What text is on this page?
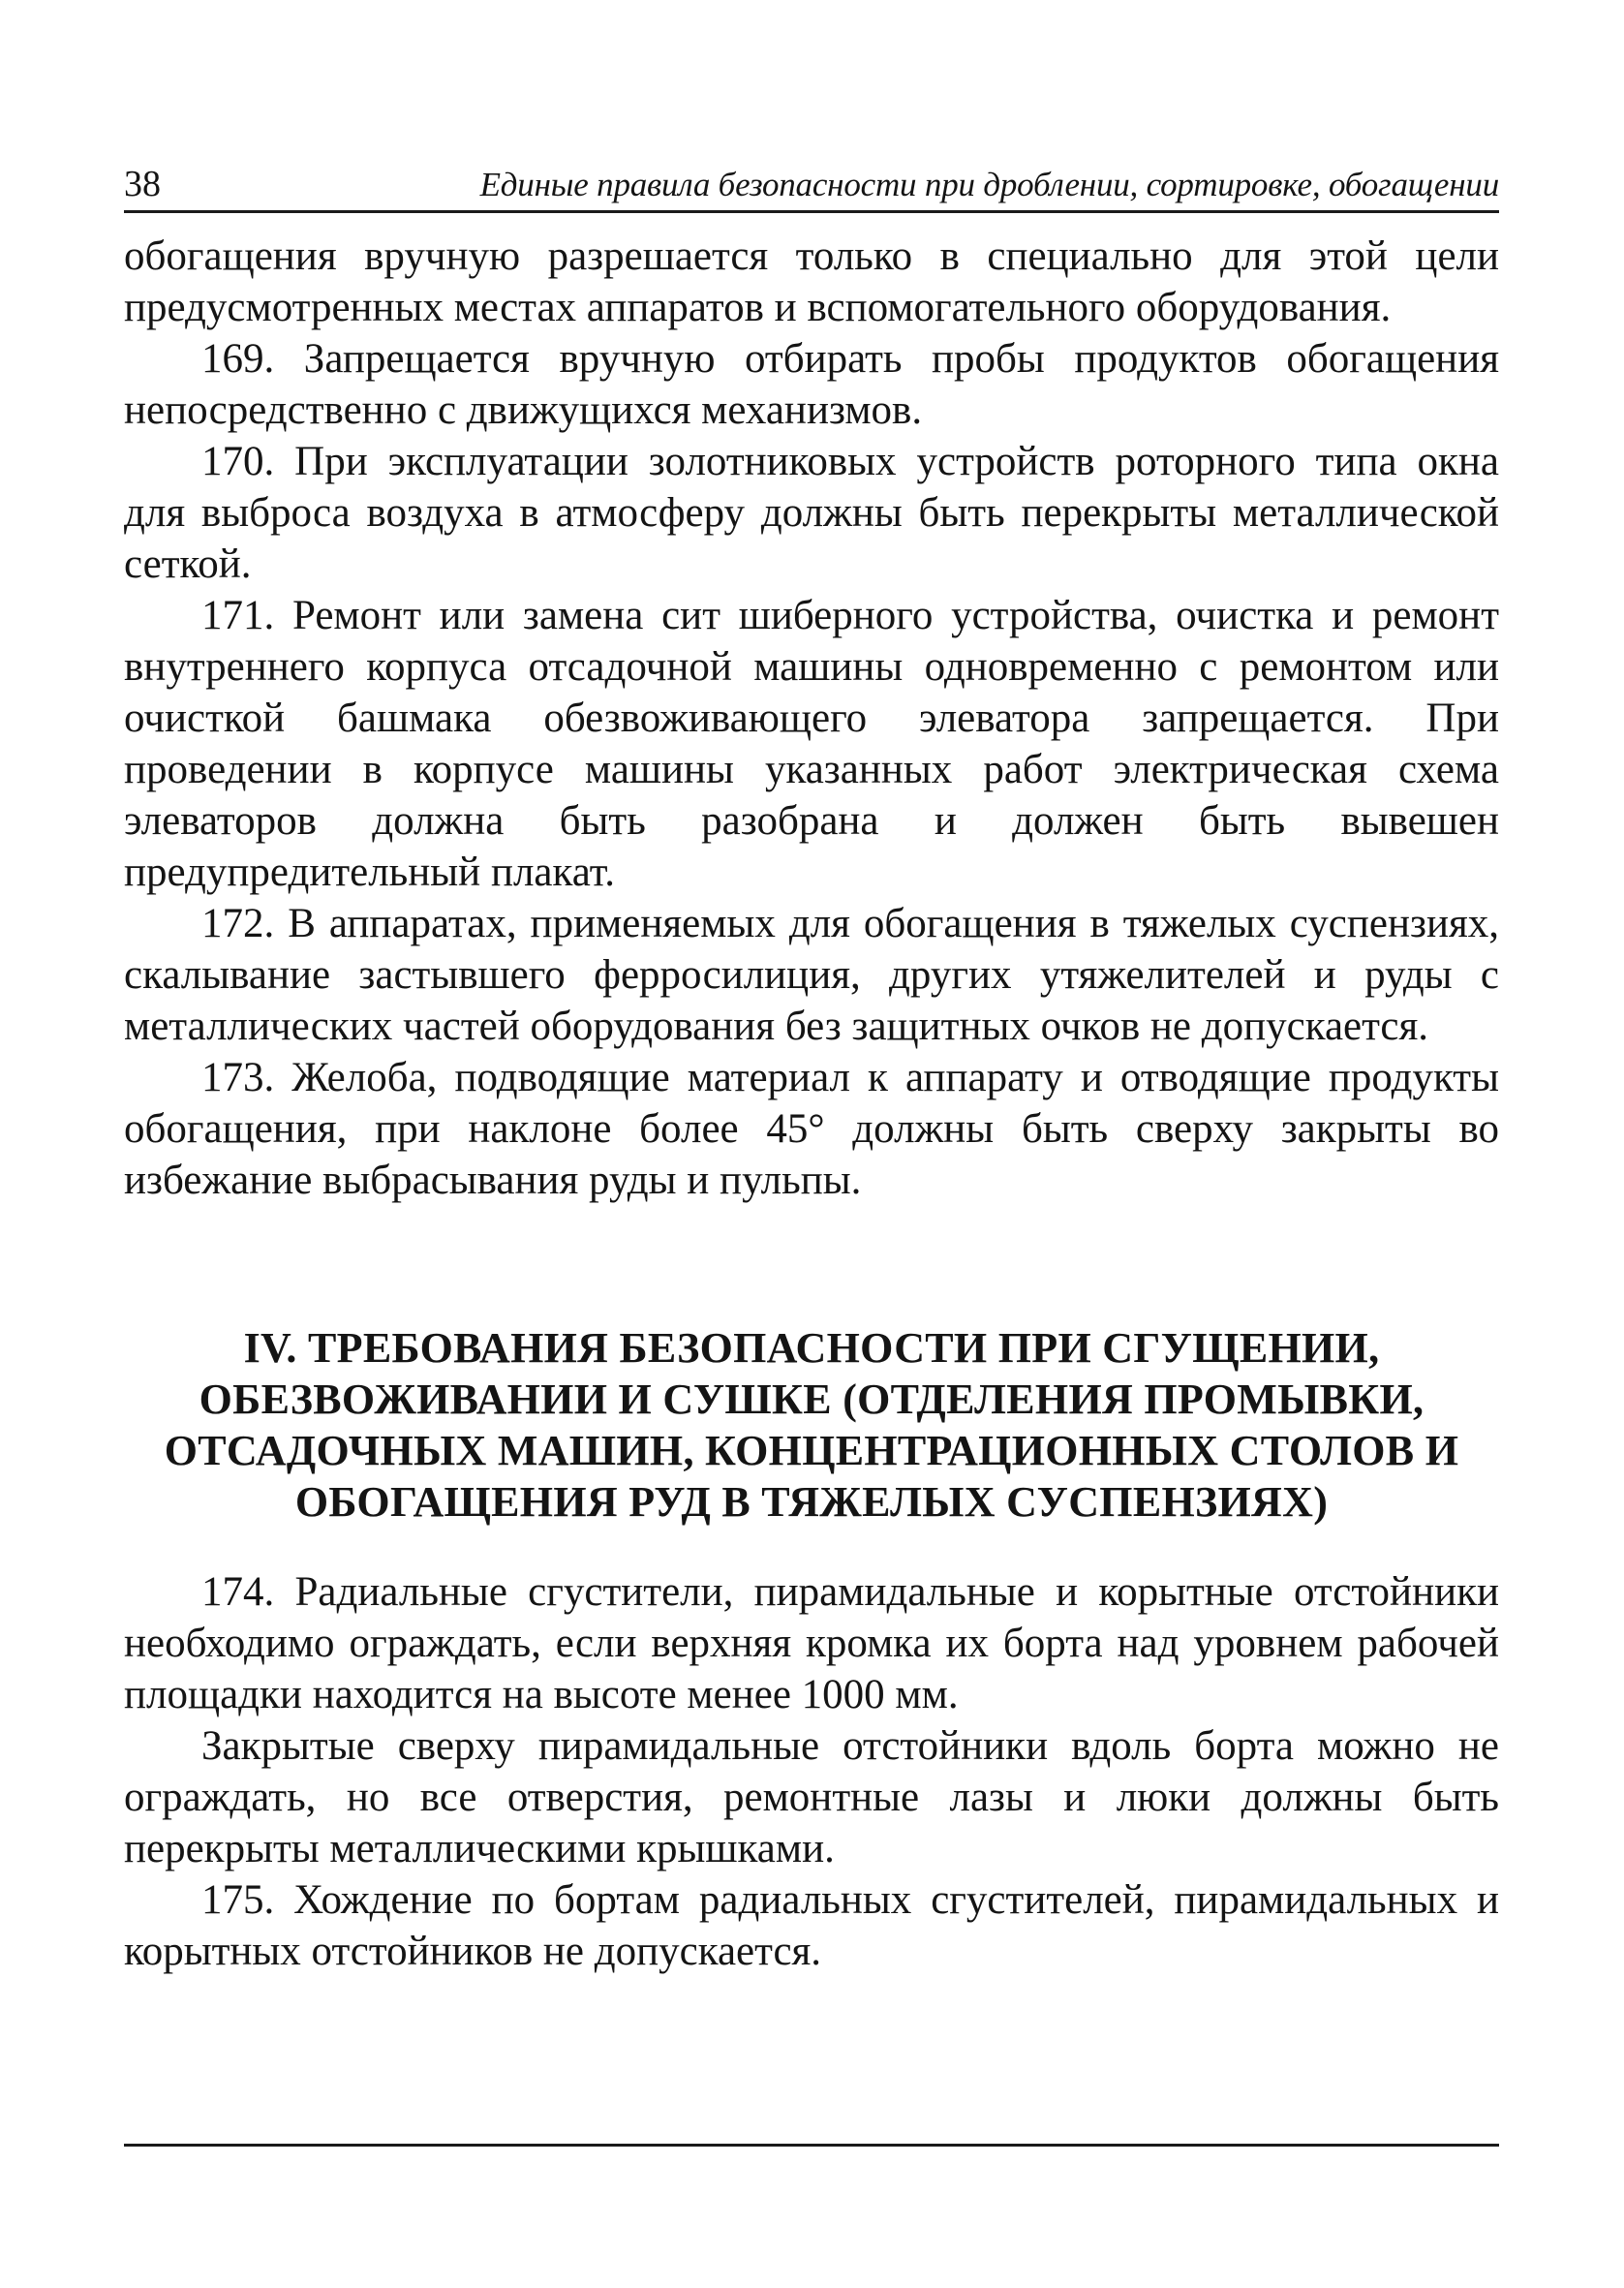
38	Единые правила безопасности при дроблении, сортировке, обогащении

обогащения вручную разрешается только в специально для этой цели предусмотренных местах аппаратов и вспомогательного оборудования.

169. Запрещается вручную отбирать пробы продуктов обогащения непосредственно с движущихся механизмов.

170. При эксплуатации золотниковых устройств роторного типа окна для выброса воздуха в атмосферу должны быть перекрыты металлической сеткой.

171. Ремонт или замена сит шиберного устройства, очистка и ремонт внутреннего корпуса отсадочной машины одновременно с ремонтом или очисткой башмака обезвоживающего элеватора запрещается. При проведении в корпусе машины указанных работ электрическая схема элеваторов должна быть разобрана и должен быть вывешен предупредительный плакат.

172. В аппаратах, применяемых для обогащения в тяжелых суспензиях, скалывание застывшего ферросилиция, других утяжелителей и руды с металлических частей оборудования без защитных очков не допускается.

173. Желоба, подводящие материал к аппарату и отводящие продукты обогащения, при наклоне более 45° должны быть сверху закрыты во избежание выбрасывания руды и пульпы.

IV. ТРЕБОВАНИЯ БЕЗОПАСНОСТИ ПРИ СГУЩЕНИИ, ОБЕЗВОЖИВАНИИ И СУШКЕ (ОТДЕЛЕНИЯ ПРОМЫВКИ, ОТСАДОЧНЫХ МАШИН, КОНЦЕНТРАЦИОННЫХ СТОЛОВ И ОБОГАЩЕНИЯ РУД В ТЯЖЕЛЫХ СУСПЕНЗИЯХ)

174. Радиальные сгустители, пирамидальные и корытные отстойники необходимо ограждать, если верхняя кромка их борта над уровнем рабочей площадки находится на высоте менее 1000 мм.

Закрытые сверху пирамидальные отстойники вдоль борта можно не ограждать, но все отверстия, ремонтные лазы и люки должны быть перекрыты металлическими крышками.

175. Хождение по бортам радиальных сгустителей, пирамидальных и корытных отстойников не допускается.
